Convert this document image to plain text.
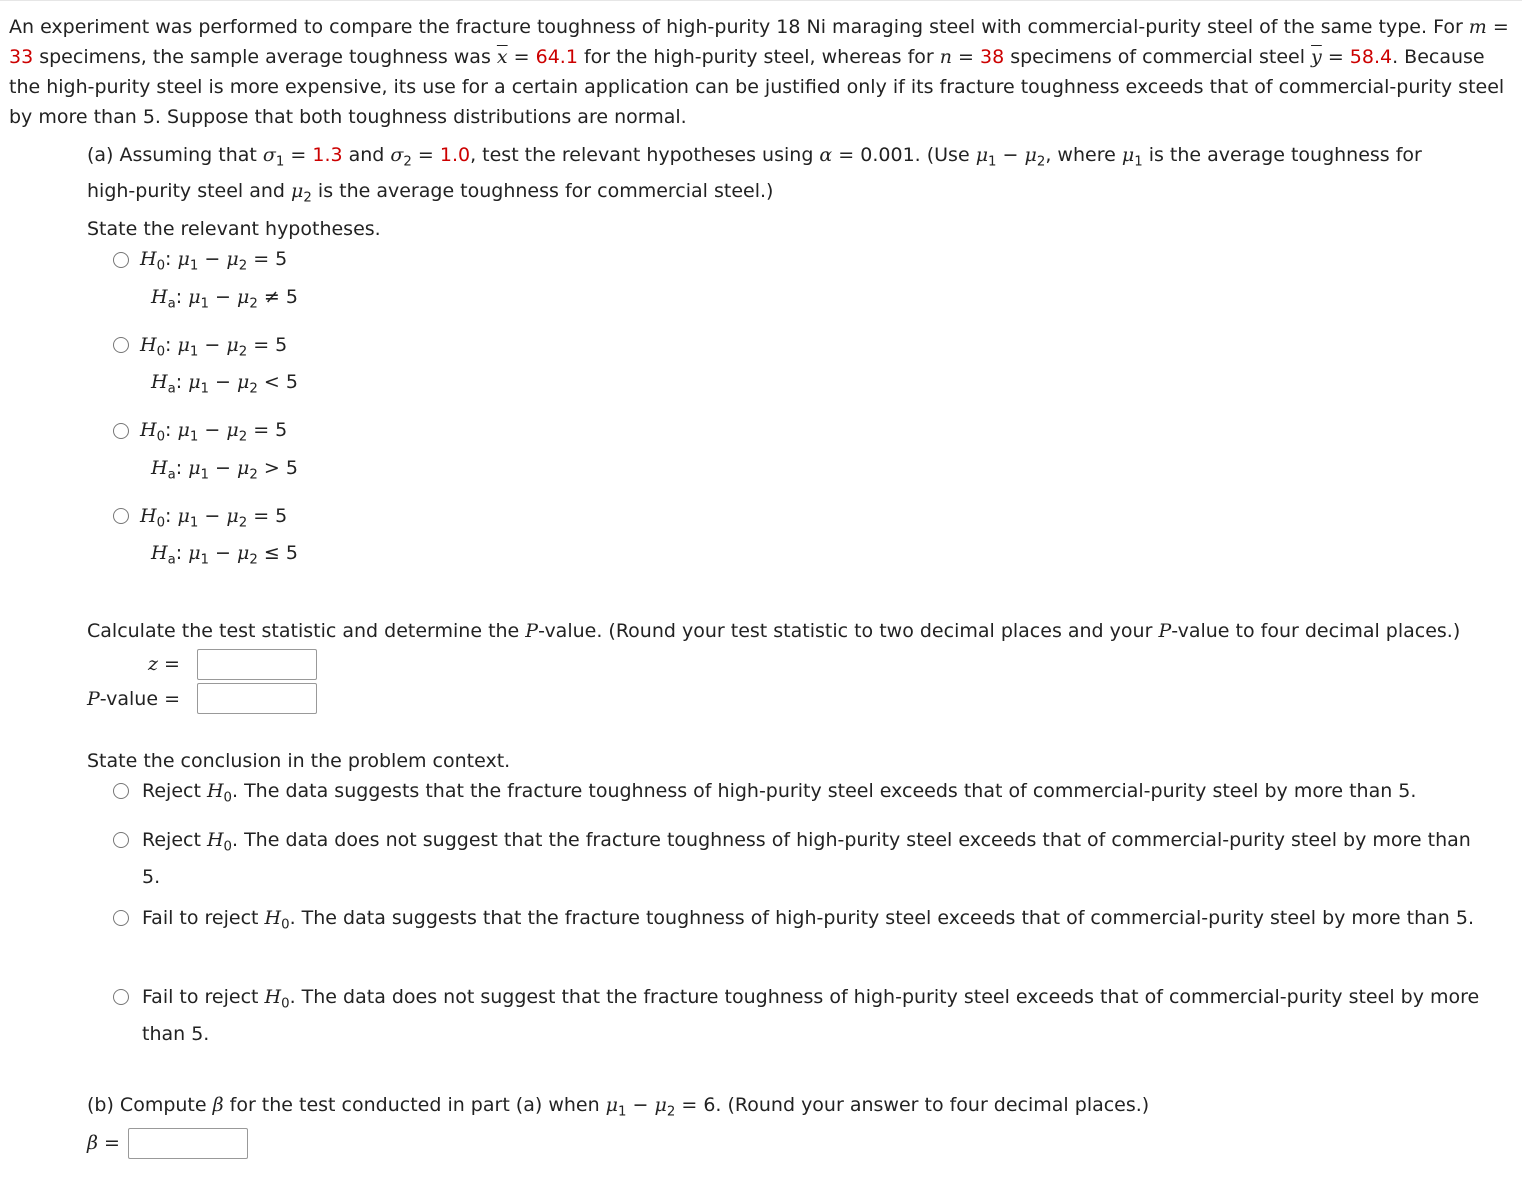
An experiment was performed to compare the fracture toughness of high-purity 18 Ni maraging steel with commercial-purity steel of the same type. For m = 33 specimens, the sample average toughness was $\overline{x} = 64.1$ for the high-purity steel, whereas for n = 38 specimens of commercial steel $\overline{y} = 58.4$. Because the high-purity steel is more expensive, its use for a certain application can be justified only if its fracture toughness exceeds that of commercial-purity steel by more than 5. Suppose that both toughness distributions are normal.
(a) Assuming that $\sigma_1 = 1.3$ and $\sigma_2 = 1.0$, test the relevant hypotheses using α = 0.001. (Use $\mu_1 - \mu_2$, where $\mu_1$ is the average toughness for
high-purity steel and $\mu_2$ is the average toughness for commercial steel.)
State the relevant hypotheses.
$H_0$: $\mu_1 - \mu_2 = 5$
$H_a$: $\mu_1 - \mu_2 \ne 5$
$H_0$: $\mu_1 - \mu_2 = 5$
$H_a$: $\mu_1 - \mu_2 < 5$
$H_0$: $\mu_1 - \mu_2 = 5$
$H_a$: $\mu_1 - \mu_2 > 5$
$H_0$: $\mu_1 - \mu_2 = 5$
$H_a$: $\mu_1 - \mu_2 \le 5$
Calculate the test statistic and determine the P-value. (Round your test statistic to two decimal places and your P-value to four decimal places.)
z =
P-value =
State the conclusion in the problem context.
Reject $H_0$. The data suggests that the fracture toughness of high-purity steel exceeds that of commercial-purity steel by more than 5.
Reject $H_0$. The data does not suggest that the fracture toughness of high-purity steel exceeds that of commercial-purity steel by more than 5.
Fail to reject $H_0$. The data suggests that the fracture toughness of high-purity steel exceeds that of commercial-purity steel by more than 5.
Fail to reject $H_0$. The data does not suggest that the fracture toughness of high-purity steel exceeds that of commercial-purity steel by more than 5.
(b) Compute β for the test conducted in part (a) when $\mu_1 - \mu_2 = 6$. (Round your answer to four decimal places.)
β =
